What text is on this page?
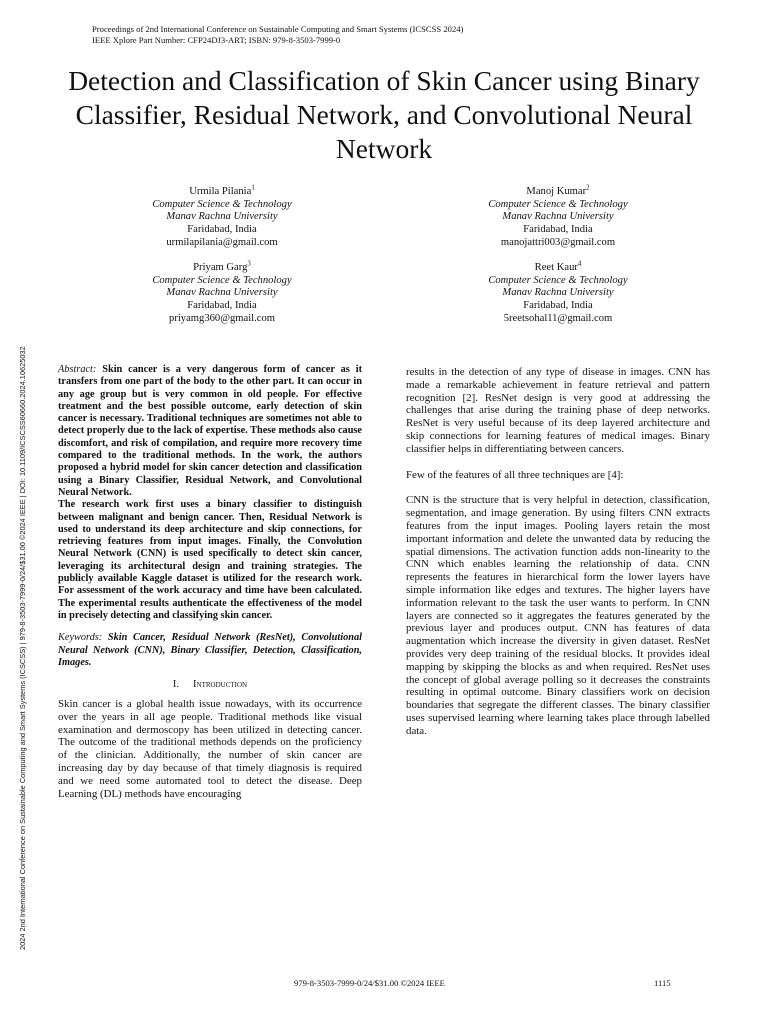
Proceedings of 2nd International Conference on Sustainable Computing and Smart Systems (ICSCSS 2024)
IEEE Xplore Part Number: CFP24DJ3-ART; ISBN: 979-8-3503-7999-0
2024 2nd International Conference on Sustainable Computing and Smart Systems (ICSCSS) | 979-8-3503-7999-0/24/$31.00 ©2024 IEEE | DOI: 10.1109/ICSCSS60660.2024.10625032
Detection and Classification of Skin Cancer using Binary Classifier, Residual Network, and Convolutional Neural Network
Urmila Pilania$^1$
Computer Science & Technology
Manav Rachna University
Faridabad, India
urmilapilania@gmail.com
Manoj Kumar$^2$
Computer Science & Technology
Manav Rachna University
Faridabad, India
manojattri003@gmail.com
Priyam Garg$^3$
Computer Science & Technology
Manav Rachna University
Faridabad, India
priyamg360@gmail.com
Reet Kaur$^4$
Computer Science & Technology
Manav Rachna University
Faridabad, India
5reetsohal11@gmail.com

Abstract: Skin cancer is a very dangerous form of cancer as it transfers from one part of the body to the other part. It can occur in any age group but is very common in old people. For effective treatment and the best possible outcome, early detection of skin cancer is necessary. Traditional techniques are sometimes not able to detect properly due to the lack of expertise. These methods also cause discomfort, and risk of compilation, and require more recovery time compared to the traditional methods. In the work, the authors proposed a hybrid model for skin cancer detection and classification using a Binary Classifier, Residual Network, and Convolutional Neural Network.

The research work first uses a binary classifier to distinguish between malignant and benign cancer. Then, Residual Network is used to understand its deep architecture and skip connections, for retrieving features from input images. Finally, the Convolution Neural Network (CNN) is used specifically to detect skin cancer, leveraging its architectural design and training strategies. The publicly available Kaggle dataset is utilized for the research work. For assessment of the work accuracy and time have been calculated. The experimental results authenticate the effectiveness of the model in precisely detecting and classifying skin cancer.

Keywords: Skin Cancer, Residual Network (ResNet), Convolutional Neural Network (CNN), Binary Classifier, Detection, Classification, Images.

I. Introduction

Skin cancer is a global health issue nowadays, with its occurrence over the years in all age people. Traditional methods like visual examination and dermoscopy has been utilized in detecting cancer. The outcome of the traditional methods depends on the proficiency of the clinician. Additionally, the number of skin cancer are increasing day by day because of that timely diagnosis is required and we need some automated tool to detect the disease. Deep Learning (DL) methods have encouraging

results in the detection of any type of disease in images. CNN has made a remarkable achievement in feature retrieval and pattern recognition [2]. ResNet design is very good at addressing the challenges that arise during the training phase of deep networks. ResNet is very useful because of its deep layered architecture and skip connections for learning features of medical images. Binary classifier helps in differentiating between cancers.

Few of the features of all three techniques are [4]:

CNN is the structure that is very helpful in detection, classification, segmentation, and image generation. By using filters CNN extracts features from the input images. Pooling layers retain the most important information and delete the unwanted data by reducing the spatial dimensions. The activation function adds non-linearity to the CNN which enables learning the relationship of data. CNN represents the features in hierarchical form the lower layers have simple information like edges and textures. The higher layers have information relevant to the task the user wants to perform. In CNN layers are connected so it aggregates the features generated by the previous layer and produces output. CNN has features of data augmentation which increase the diversity in given dataset. ResNet provides very deep training of the residual blocks. It provides ideal mapping by skipping the blocks as and when required. ResNet uses the concept of global average polling so it decreases the constraints resulting in optimal outcome. Binary classifiers work on decision boundaries that segregate the different classes. The binary classifier uses supervised learning where learning takes place through labelled data.

979-8-3503-7999-0/24/$31.00 ©2024 IEEE	1115
